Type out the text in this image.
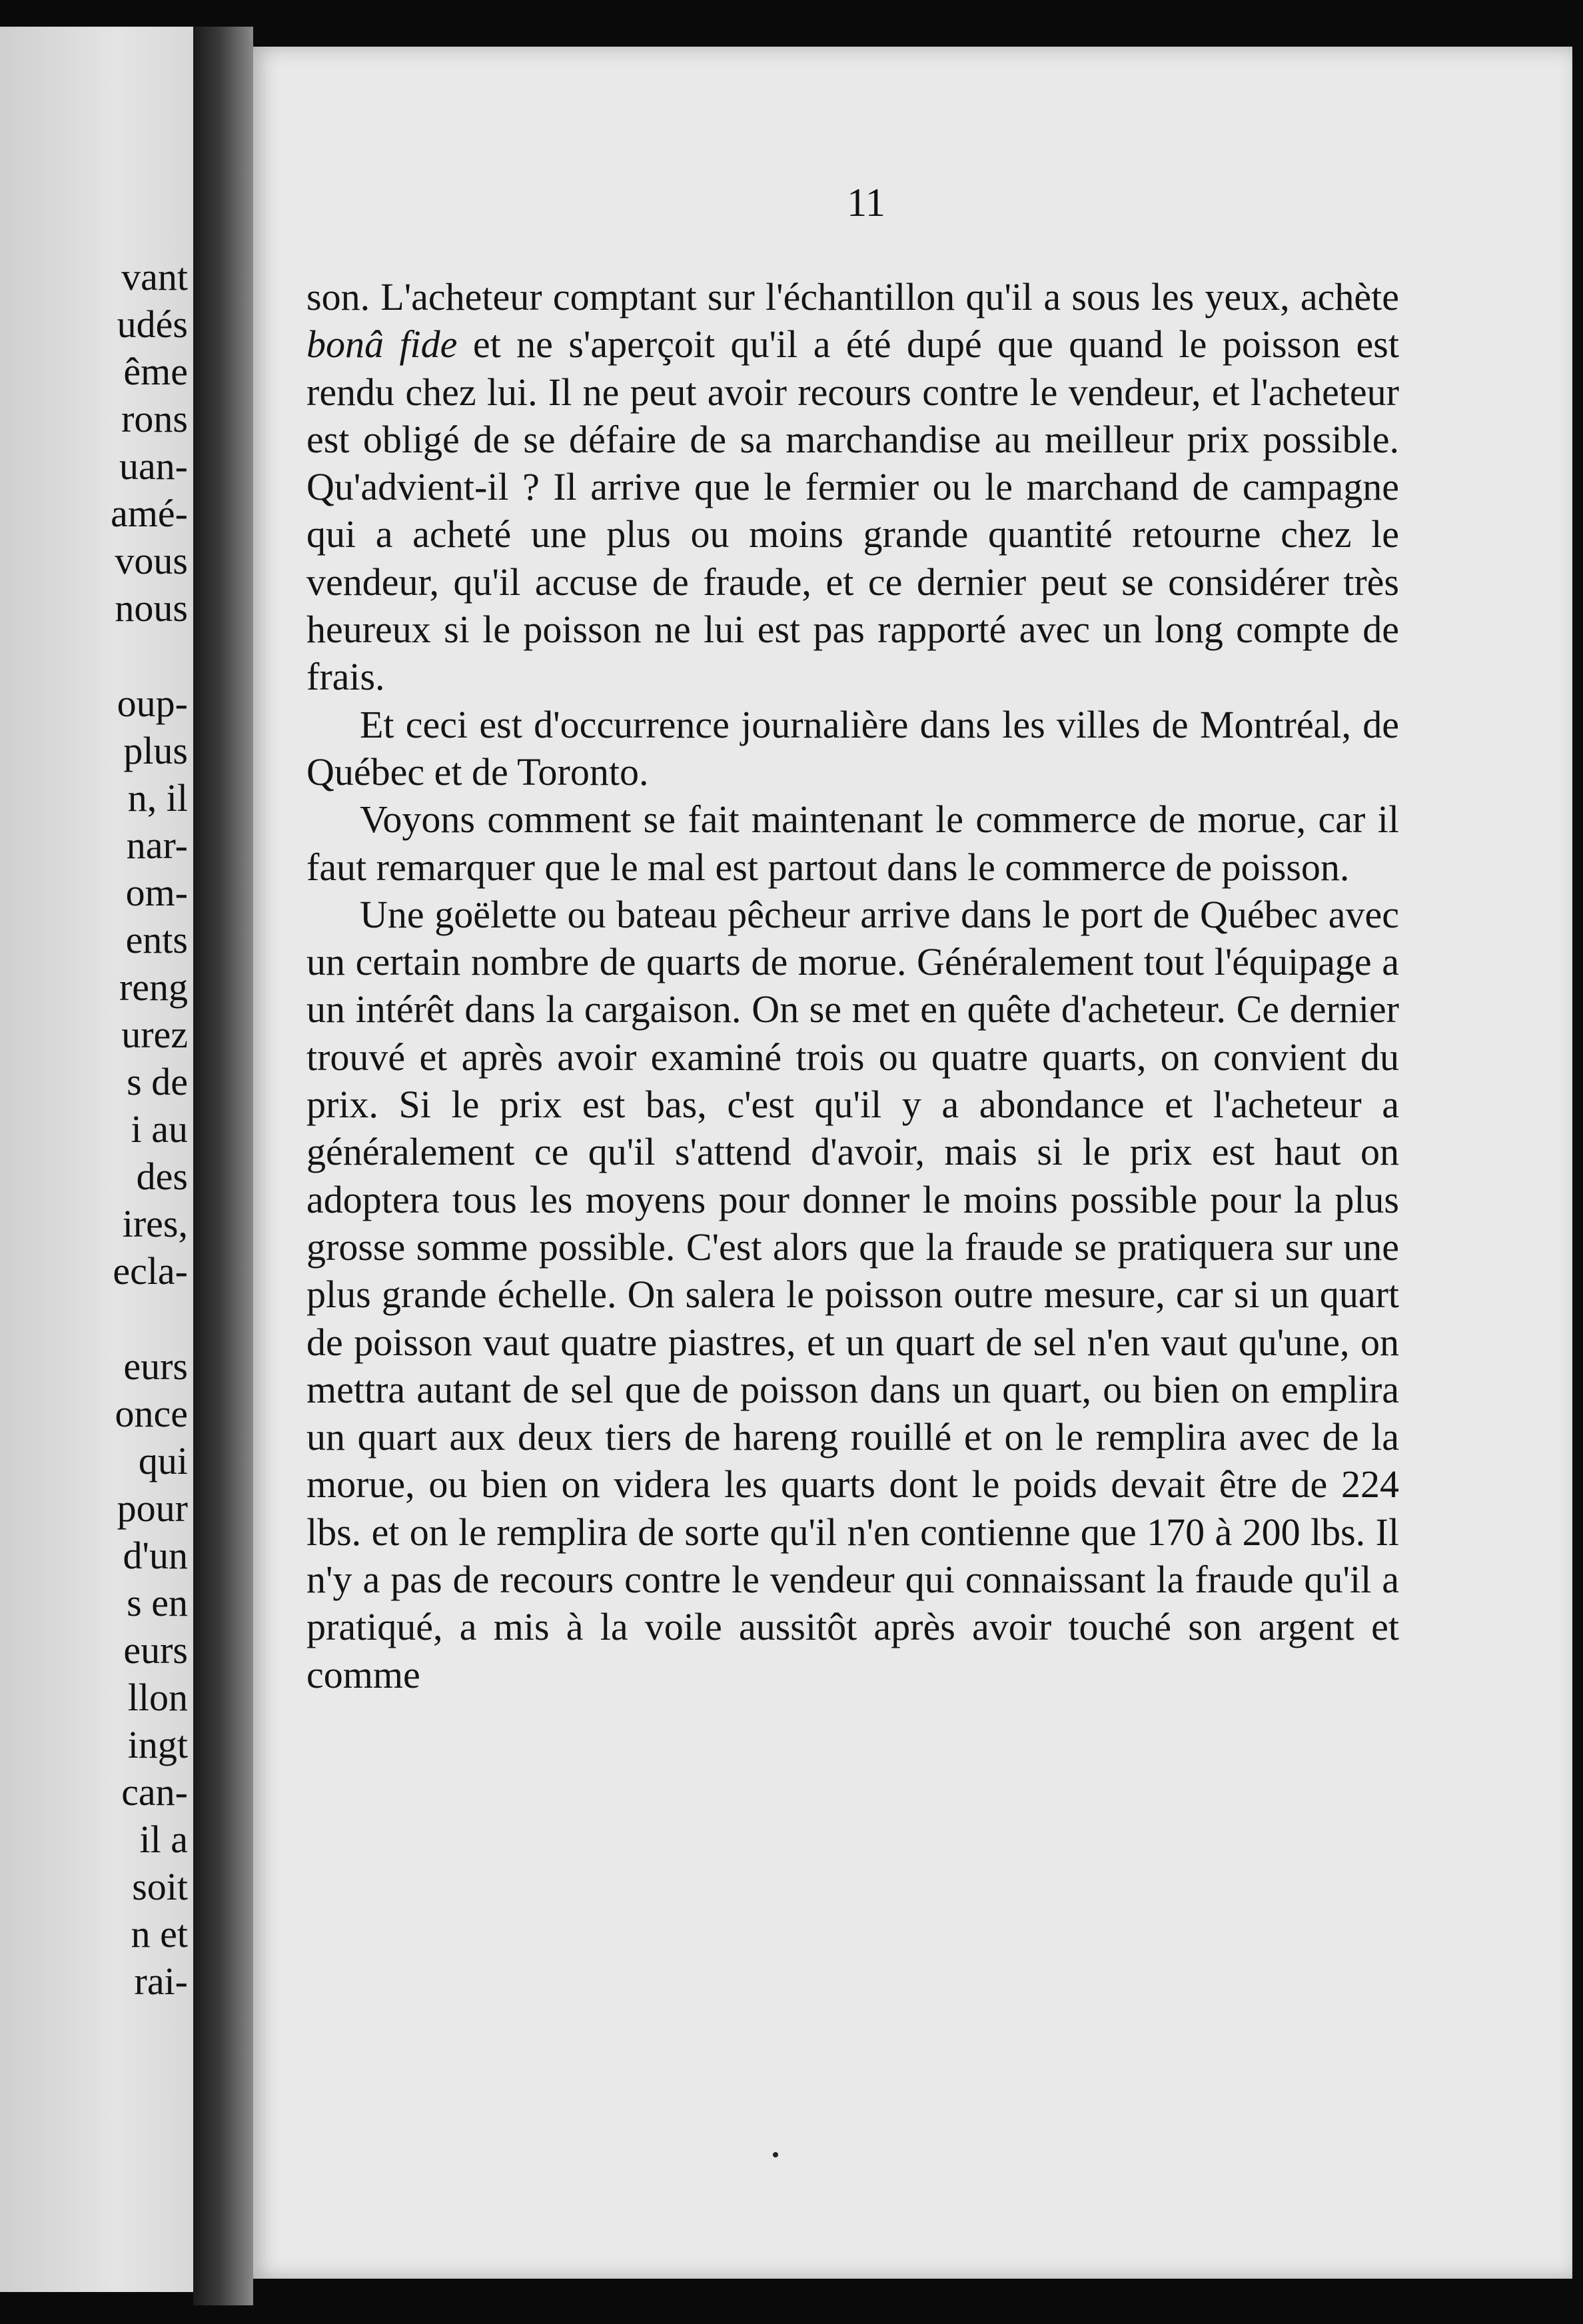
vant
udés
ême
rons
uan-
amé-
vous
nous
oup-
plus
n, il
nar-
om-
ents
reng
urez
s de
i au
des
ires,
ecla-
eurs
once
qui
pour
d'un
s en
eurs
llon
ingt
can-
il a
soit
n et
rai-
11

son. L'acheteur comptant sur l'échantillon qu'il a sous les yeux, achète bonâ fide et ne s'aperçoit qu'il a été dupé que quand le poisson est rendu chez lui. Il ne peut avoir recours contre le vendeur, et l'acheteur est obligé de se défaire de sa marchandise au meilleur prix possible. Qu'advient-il ? Il arrive que le fermier ou le marchand de campagne qui a acheté une plus ou moins grande quantité retourne chez le vendeur, qu'il accuse de fraude, et ce dernier peut se considérer très heureux si le poisson ne lui est pas rapporté avec un long compte de frais.

Et ceci est d'occurrence journalière dans les villes de Montréal, de Québec et de Toronto.

Voyons comment se fait maintenant le commerce de morue, car il faut remarquer que le mal est partout dans le commerce de poisson.

Une goëlette ou bateau pêcheur arrive dans le port de Québec avec un certain nombre de quarts de morue. Généralement tout l'équipage a un intérêt dans la cargaison. On se met en quête d'acheteur. Ce dernier trouvé et après avoir examiné trois ou quatre quarts, on convient du prix. Si le prix est bas, c'est qu'il y a abondance et l'acheteur a généralement ce qu'il s'attend d'avoir, mais si le prix est haut on adoptera tous les moyens pour donner le moins possible pour la plus grosse somme possible. C'est alors que la fraude se pratiquera sur une plus grande échelle. On salera le poisson outre mesure, car si un quart de poisson vaut quatre piastres, et un quart de sel n'en vaut qu'une, on mettra autant de sel que de poisson dans un quart, ou bien on emplira un quart aux deux tiers de hareng rouillé et on le remplira avec de la morue, ou bien on videra les quarts dont le poids devait être de 224 lbs. et on le remplira de sorte qu'il n'en contienne que 170 à 200 lbs. Il n'y a pas de recours contre le vendeur qui connaissant la fraude qu'il a pratiqué, a mis à la voile aussitôt après avoir touché son argent et comme
